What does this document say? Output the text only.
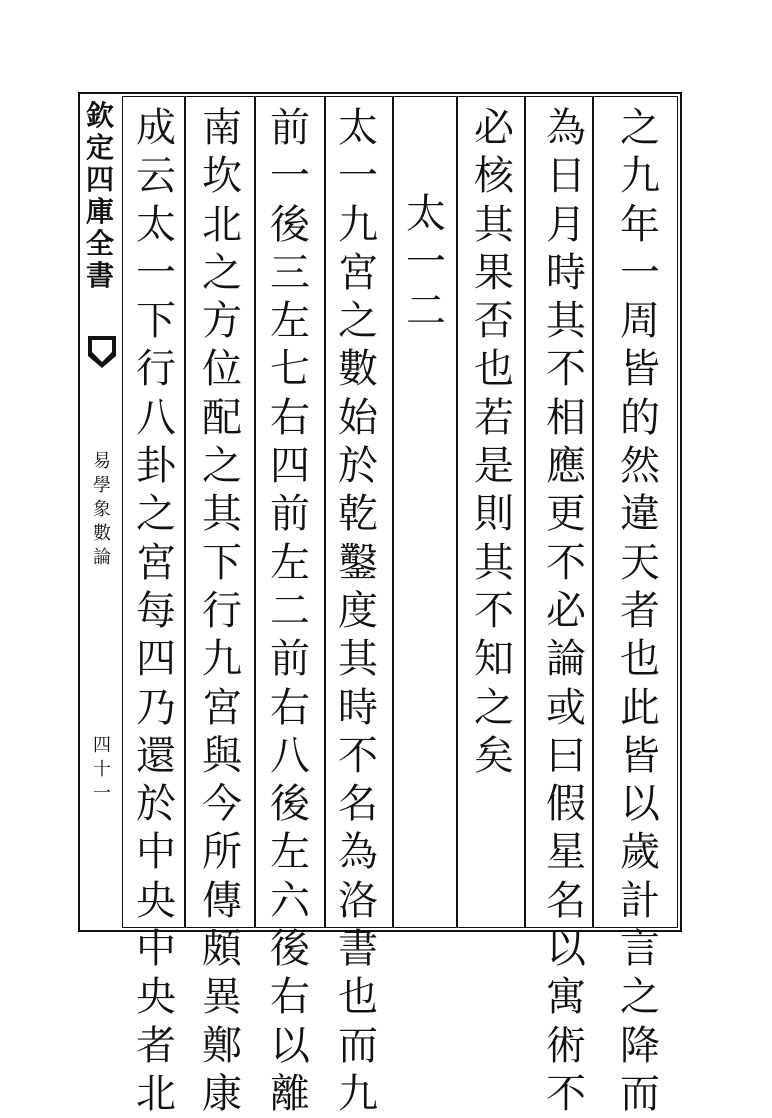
欽
定
四
庫
全
書
易
學
象
數
論
四
十
一
之
九
年
一
周
皆
的
然
違
天
者
也
此
皆
以
歲
計
言
之
降
而
為
日
月
時
其
不
相
應
更
不
必
論
或
曰
假
星
名
以
寓
術
不
必
核
其
果
否
也
若
是
則
其
不
知
之
矣
太
一
二
太
一
九
宮
之
數
始
於
乾
鑿
度
其
時
不
名
為
洛
書
也
而
九
前
一
後
三
左
七
右
四
前
左
二
前
右
八
後
左
六
後
右
以
離
南
坎
北
之
方
位
配
之
其
下
行
九
宮
與
今
所
傳
頗
異
鄭
康
成
云
太
一
下
行
八
卦
之
宮
每
四
乃
還
於
中
央
中
央
者
北
